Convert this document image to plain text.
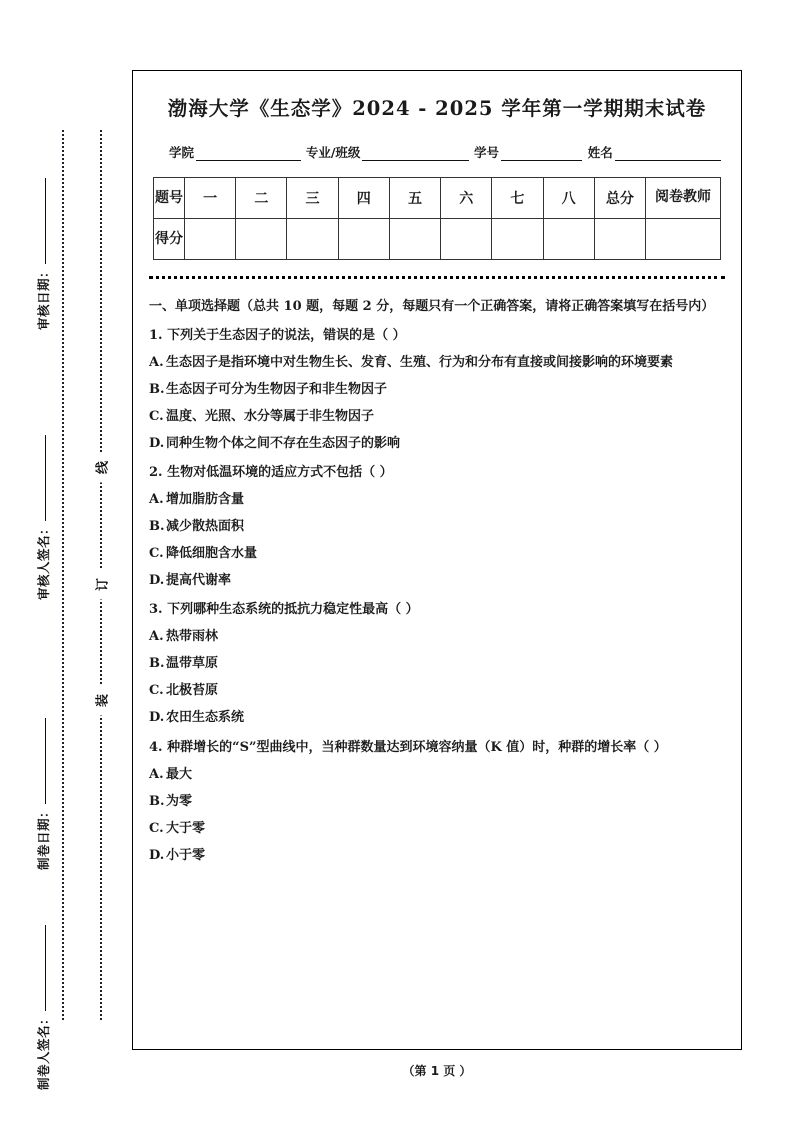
审核日期：
审核人签名：
制卷日期：
制卷人签名：
线
订
装
渤海大学《生态学》2024 - 2025 学年第一学期期末试卷
学院	专业/班级	学号	姓名
题号	一	二	三	四	五	六	七	八	总分	阅卷教师
得分										
一、单项选择题（总共 10 题，每题 2 分，每题只有一个正确答案，请将正确答案填写在括号内）
1. 下列关于生态因子的说法，错误的是（ ）
A. 生态因子是指环境中对生物生长、发育、生殖、行为和分布有直接或间接影响的环境要素
B.生态因子可分为生物因子和非生物因子
C. 温度、光照、水分等属于非生物因子
D. 同种生物个体之间不存在生态因子的影响
2. 生物对低温环境的适应方式不包括（ ）
A. 增加脂肪含量
B.减少散热面积
C. 降低细胞含水量
D. 提高代谢率
3. 下列哪种生态系统的抵抗力稳定性最高（ ）
A. 热带雨林
B.温带草原
C. 北极苔原
D. 农田生态系统
4. 种群增长的“S”型曲线中，当种群数量达到环境容纳量（K 值）时，种群的增长率（ ）
A. 最大
B.为零
C. 大于零
D. 小于零
（第 1 页 ）
